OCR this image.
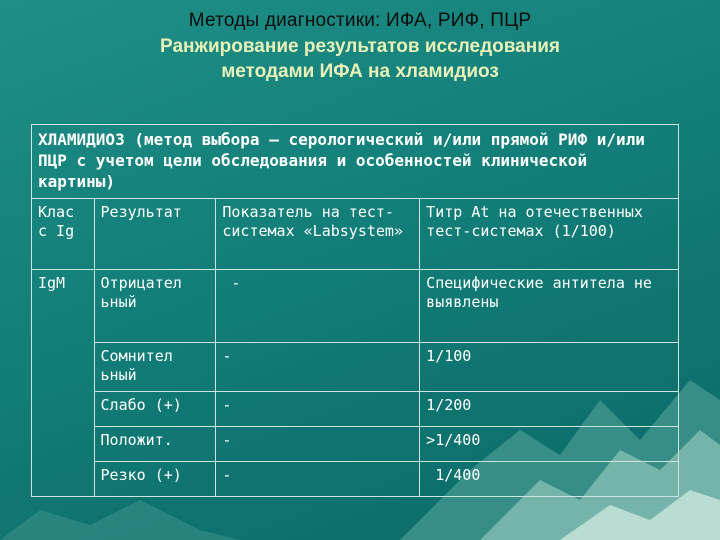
Методы диагностики: ИФА, РИФ, ПЦР
Ранжирование результатов исследования
методами ИФА на хламидиоз
ХЛАМИДИОЗ (метод выбора – серологический и/или прямой РИФ и/или ПЦР с учетом цели обследования и особенностей клинической картины)			
Клас с Ig	Результат	Показатель на тест-системах «Labsystem»	Титр At на отечественных тест-системах (1/100)
IgM	Отрицател ьный	-	Специфические антитела не выявлены
	Сомнител ьный	-	1/100
	Слабо (+)	-	1/200
	Положит.	-	>1/400
	Резко (+)	-	1/400
